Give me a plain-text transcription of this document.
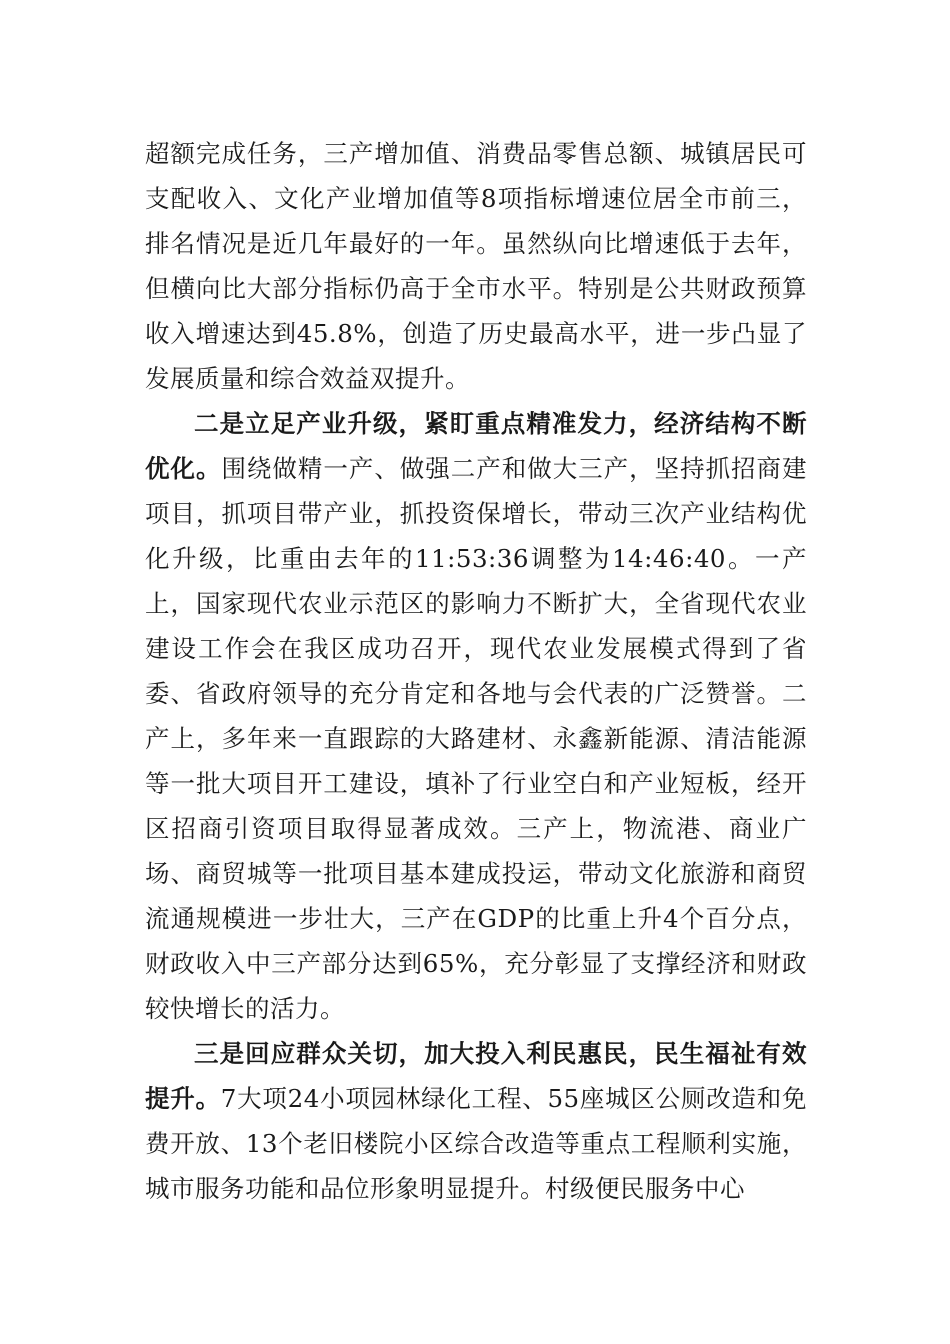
超额完成任务，三产增加值、消费品零售总额、城镇居民可支配收入、文化产业增加值等8项指标增速位居全市前三，排名情况是近几年最好的一年。虽然纵向比增速低于去年，但横向比大部分指标仍高于全市水平。特别是公共财政预算收入增速达到45.8%，创造了历史最高水平，进一步凸显了发展质量和综合效益双提升。

二是立足产业升级，紧盯重点精准发力，经济结构不断优化。围绕做精一产、做强二产和做大三产，坚持抓招商建项目，抓项目带产业，抓投资保增长，带动三次产业结构优化升级，比重由去年的11:53:36调整为14:46:40。一产上，国家现代农业示范区的影响力不断扩大，全省现代农业建设工作会在我区成功召开，现代农业发展模式得到了省委、省政府领导的充分肯定和各地与会代表的广泛赞誉。二产上，多年来一直跟踪的大路建材、永鑫新能源、清洁能源等一批大项目开工建设，填补了行业空白和产业短板，经开区招商引资项目取得显著成效。三产上，物流港、商业广场、商贸城等一批项目基本建成投运，带动文化旅游和商贸流通规模进一步壮大，三产在GDP的比重上升4个百分点，财政收入中三产部分达到65%，充分彰显了支撑经济和财政较快增长的活力。

三是回应群众关切，加大投入利民惠民，民生福祉有效提升。7大项24小项园林绿化工程、55座城区公厕改造和免费开放、13个老旧楼院小区综合改造等重点工程顺利实施，城市服务功能和品位形象明显提升。村级便民服务中心
